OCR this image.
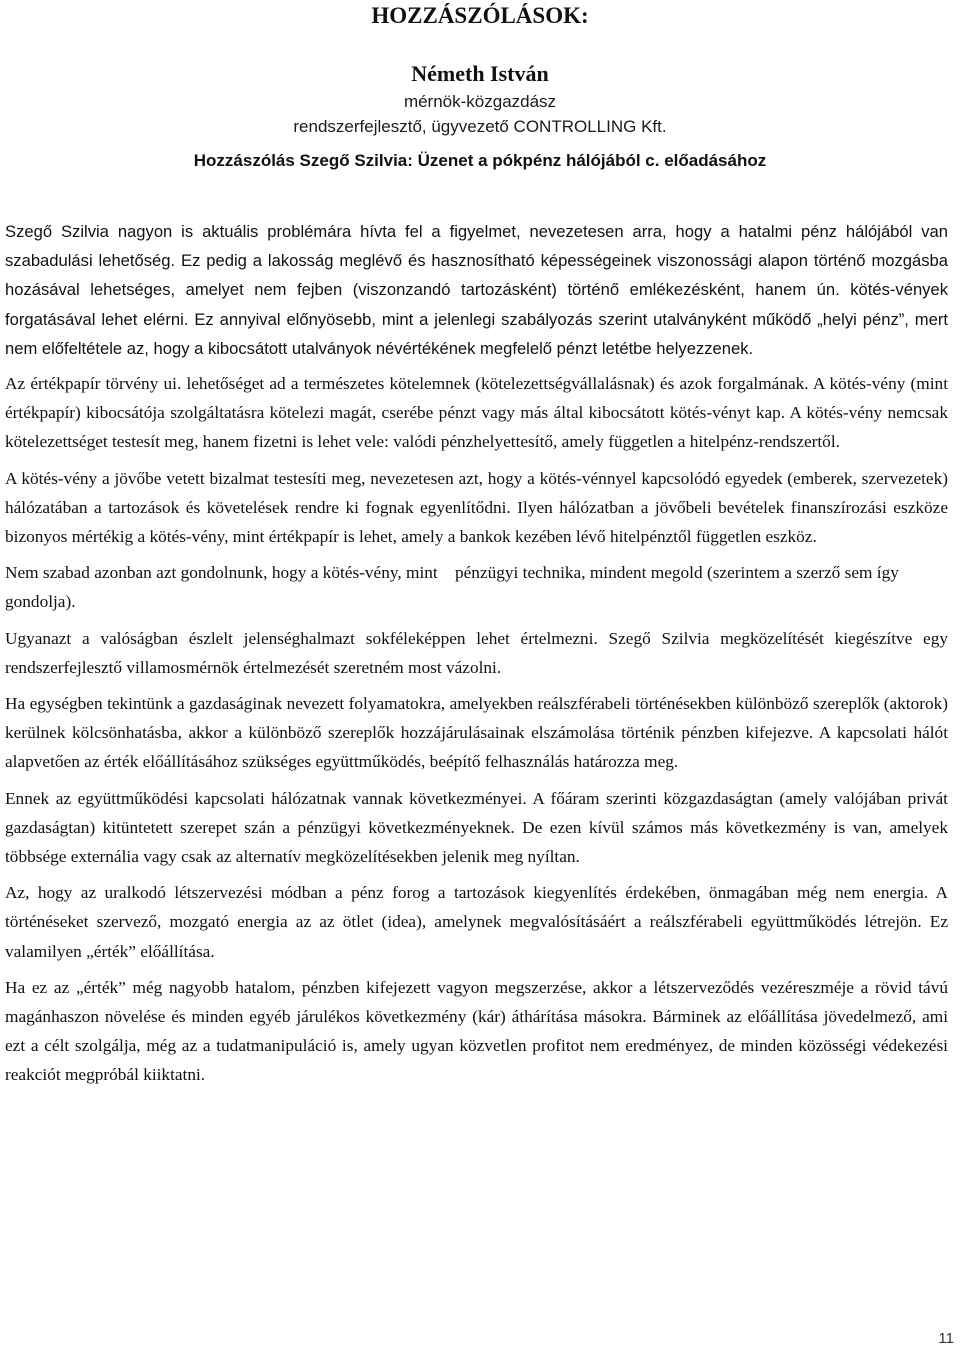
HOZZÁSZÓLÁSOK:
Németh István
mérnök-közgazdász
rendszerfejlesztő, ügyvezető CONTROLLING Kft.
Hozzászólás Szegő Szilvia: Üzenet a pókpénz hálójából c. előadásához

Szegő Szilvia nagyon is aktuális problémára hívta fel a figyelmet, nevezetesen arra, hogy a hatalmi pénz hálójából van szabadulási lehetőség. Ez pedig a lakosság meglévő és hasznosítható képességeinek viszonossági alapon történő mozgásba hozásával lehetséges, amelyet nem fejben (viszonzandó tartozásként) történő emlékezésként, hanem ún. kötés-vények forgatásával lehet elérni. Ez annyival előnyösebb, mint a jelenlegi szabályozás szerint utalványként működő „helyi pénz”, mert nem előfeltétele az, hogy a kibocsátott utalványok névértékének megfelelő pénzt letétbe helyezzenek.

Az értékpapír törvény ui. lehetőséget ad a természetes kötelemnek (kötelezettségvállalásnak) és azok forgalmának. A kötés-vény (mint értékpapír) kibocsátója szolgáltatásra kötelezi magát, cserébe pénzt vagy más által kibocsátott kötés-vényt kap. A kötés-vény nemcsak kötelezettséget testesít meg, hanem fizetni is lehet vele: valódi pénzhelyettesítő, amely független a hitelpénz-rendszertől.

A kötés-vény a jövőbe vetett bizalmat testesíti meg, nevezetesen azt, hogy a kötés-vénnyel kapcsolódó egyedek (emberek, szervezetek) hálózatában a tartozások és követelések rendre ki fognak egyenlítődni. Ilyen hálózatban a jövőbeli bevételek finanszírozási eszköze bizonyos mértékig a kötés-vény, mint értékpapír is lehet, amely a bankok kezében lévő hitelpénztől független eszköz.

Nem szabad azonban azt gondolnunk, hogy a kötés-vény, mint    pénzügyi technika, mindent megold (szerintem a szerző sem így gondolja).

Ugyanazt a valóságban észlelt jelenséghalmazt sokféleképpen lehet értelmezni. Szegő Szilvia megközelítését kiegészítve egy rendszerfejlesztő villamosmérnök értelmezését szeretném most vázolni.

Ha egységben tekintünk a gazdaságinak nevezett folyamatokra, amelyekben reálszférabeli történésekben különböző szereplők (aktorok) kerülnek kölcsönhatásba, akkor a különböző szereplők hozzájárulásainak elszámolása történik pénzben kifejezve. A kapcsolati hálót alapvetően az érték előállításához szükséges együttműködés, beépítő felhasználás határozza meg.

Ennek az együttműködési kapcsolati hálózatnak vannak következményei. A főáram szerinti közgazdaságtan (amely valójában privát gazdaságtan) kitüntetett szerepet szán a pénzügyi következményeknek. De ezen kívül számos más következmény is van, amelyek többsége externália vagy csak az alternatív megközelítésekben jelenik meg nyíltan.

Az, hogy az uralkodó létszervezési módban a pénz forog a tartozások kiegyenlítés érdekében, önmagában még nem energia. A történéseket szervező, mozgató energia az az ötlet (idea), amelynek megvalósításáért a reálszférabeli együttműködés létrejön. Ez valamilyen „érték” előállítása.

Ha ez az „érték” még nagyobb hatalom, pénzben kifejezett vagyon megszerzése, akkor a létszerveződés vezéreszméje a rövid távú magánhaszon növelése és minden egyéb járulékos következmény (kár) áthárítása másokra. Bárminek az előállítása jövedelmező, ami ezt a célt szolgálja, még az a tudatmanipuláció is, amely ugyan közvetlen profitot nem eredményez, de minden közösségi védekezési reakciót megpróbál kiiktatni.

11
